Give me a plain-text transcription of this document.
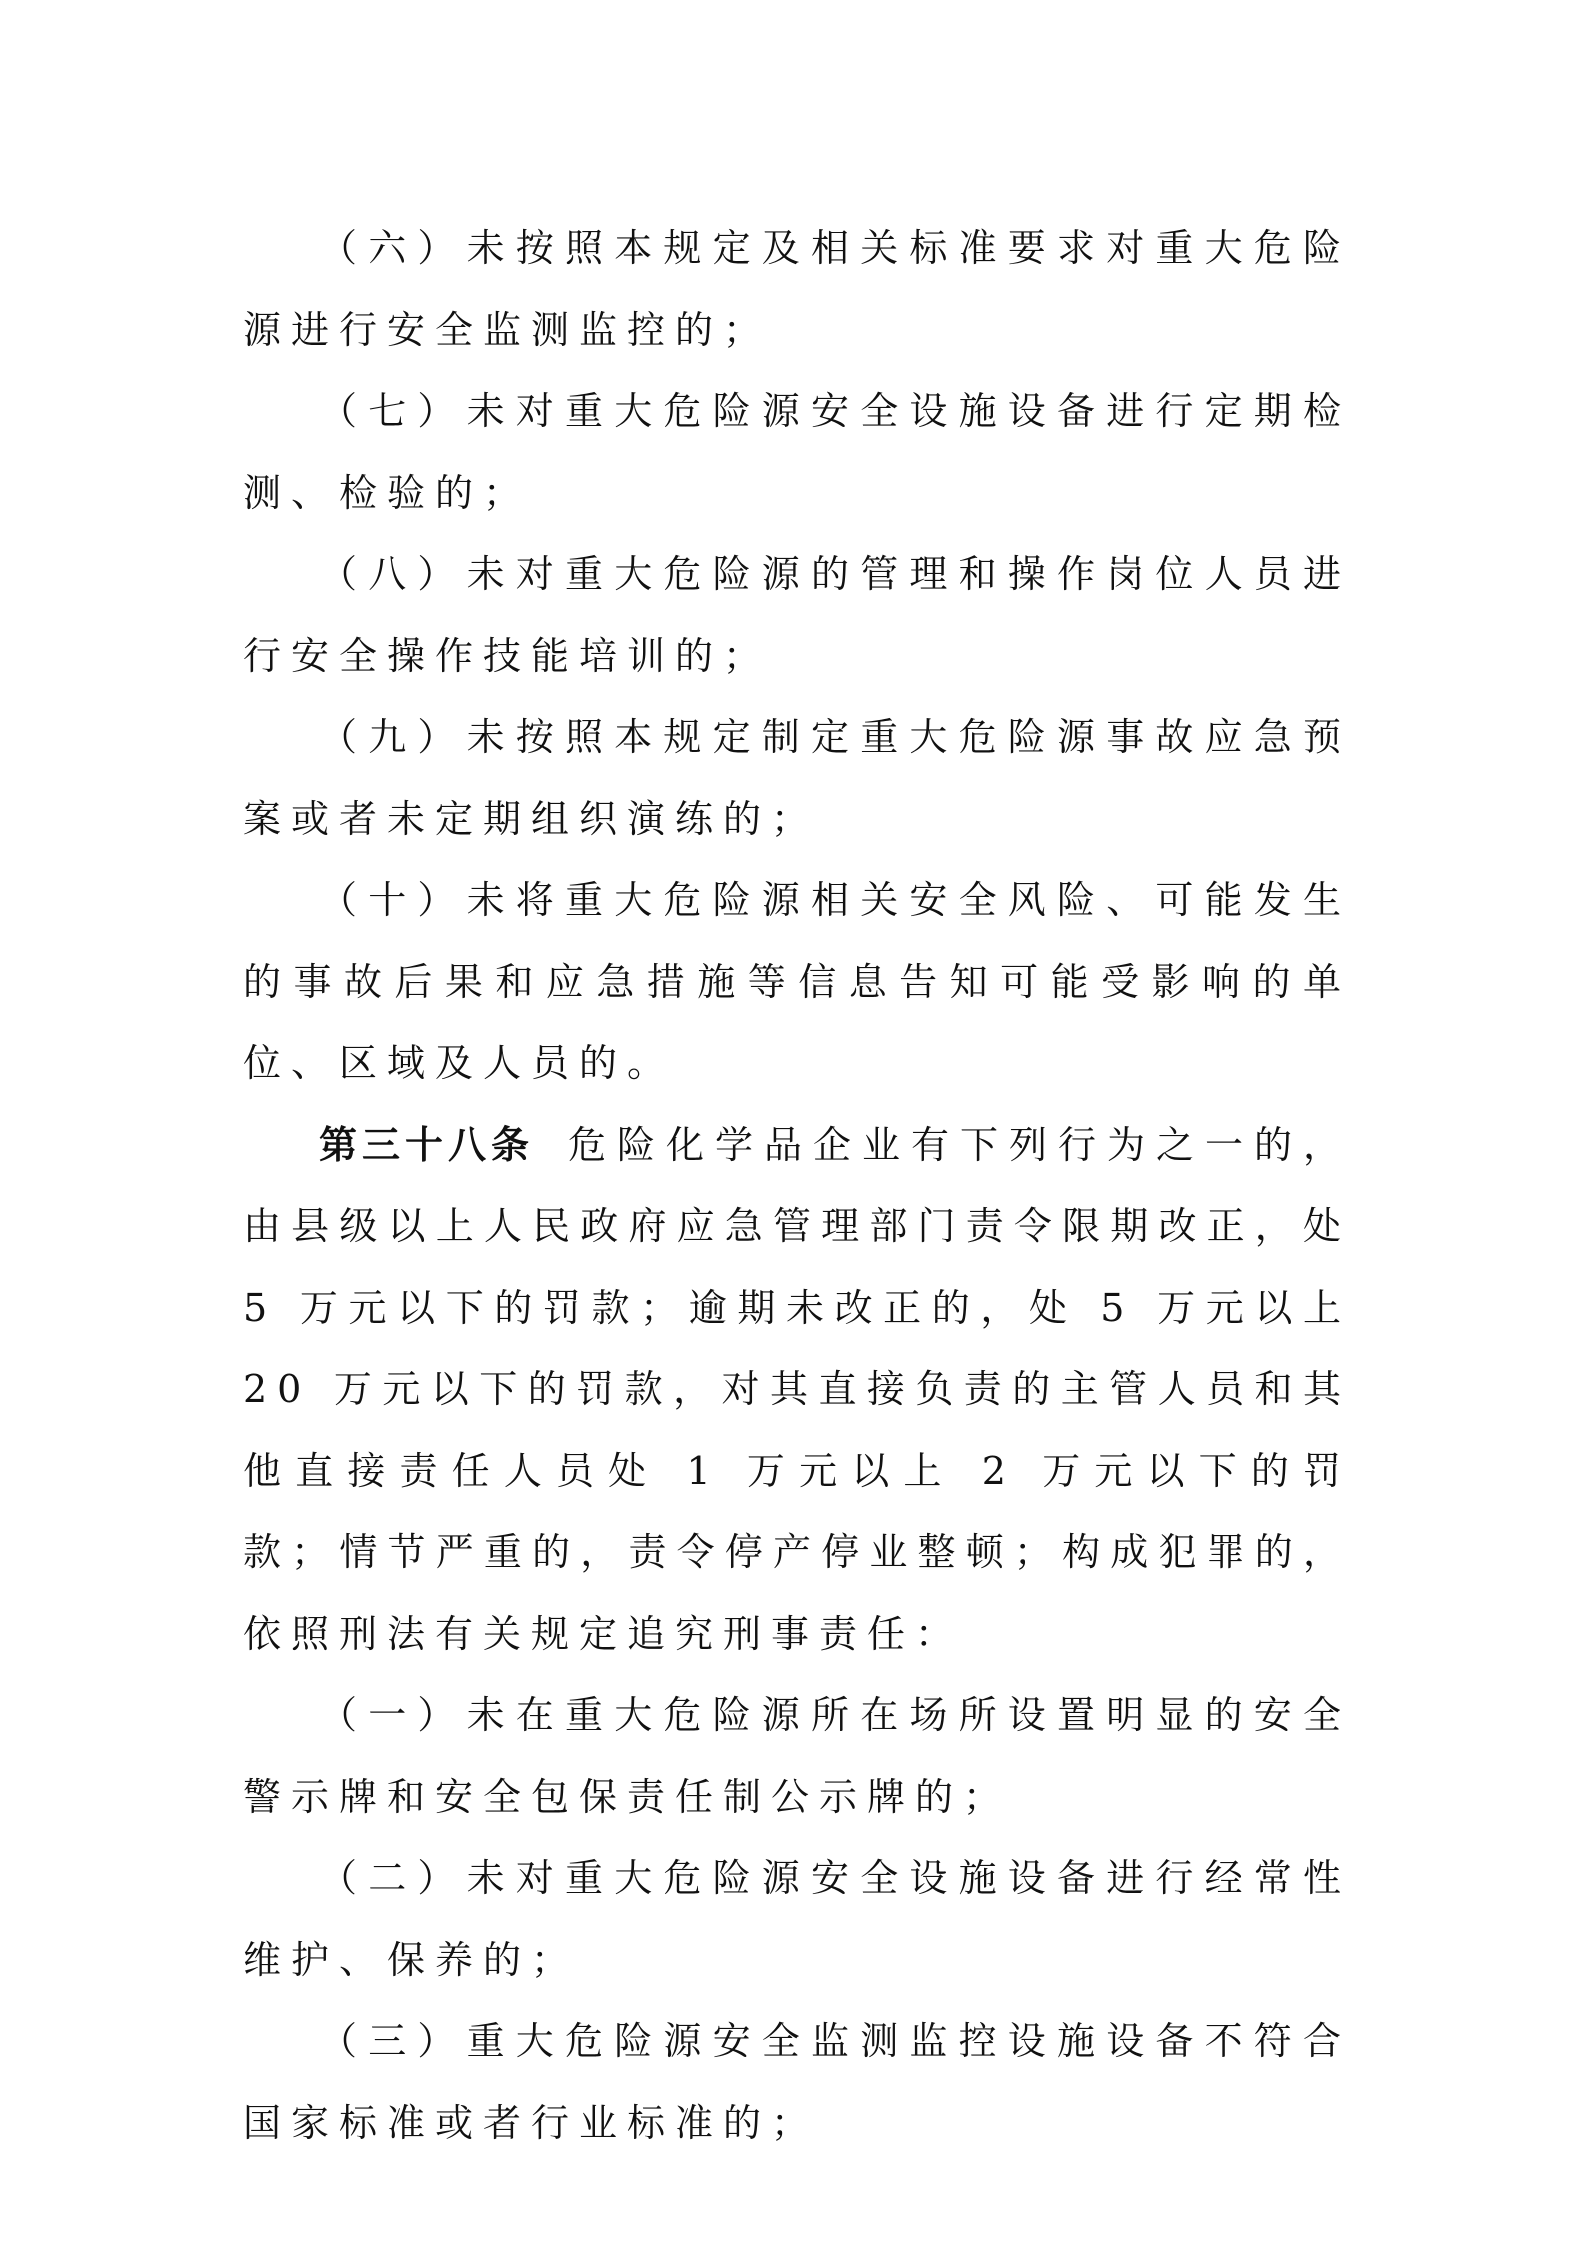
（六）未按照本规定及相关标准要求对重大危险源进行安全监测监控的；

（七）未对重大危险源安全设施设备进行定期检测、检验的；

（八）未对重大危险源的管理和操作岗位人员进行安全操作技能培训的；

（九）未按照本规定制定重大危险源事故应急预案或者未定期组织演练的；

（十）未将重大危险源相关安全风险、可能发生的事故后果和应急措施等信息告知可能受影响的单位、区域及人员的。

第三十八条 危险化学品企业有下列行为之一的，由县级以上人民政府应急管理部门责令限期改正，处 5 万元以下的罚款；逾期未改正的，处 5 万元以上 20 万元以下的罚款，对其直接负责的主管人员和其他直接责任人员处 1 万元以上 2 万元以下的罚款；情节严重的，责令停产停业整顿；构成犯罪的，依照刑法有关规定追究刑事责任：

（一）未在重大危险源所在场所设置明显的安全警示牌和安全包保责任制公示牌的；

（二）未对重大危险源安全设施设备进行经常性维护、保养的；

（三）重大危险源安全监测监控设施设备不符合国家标准或者行业标准的；
